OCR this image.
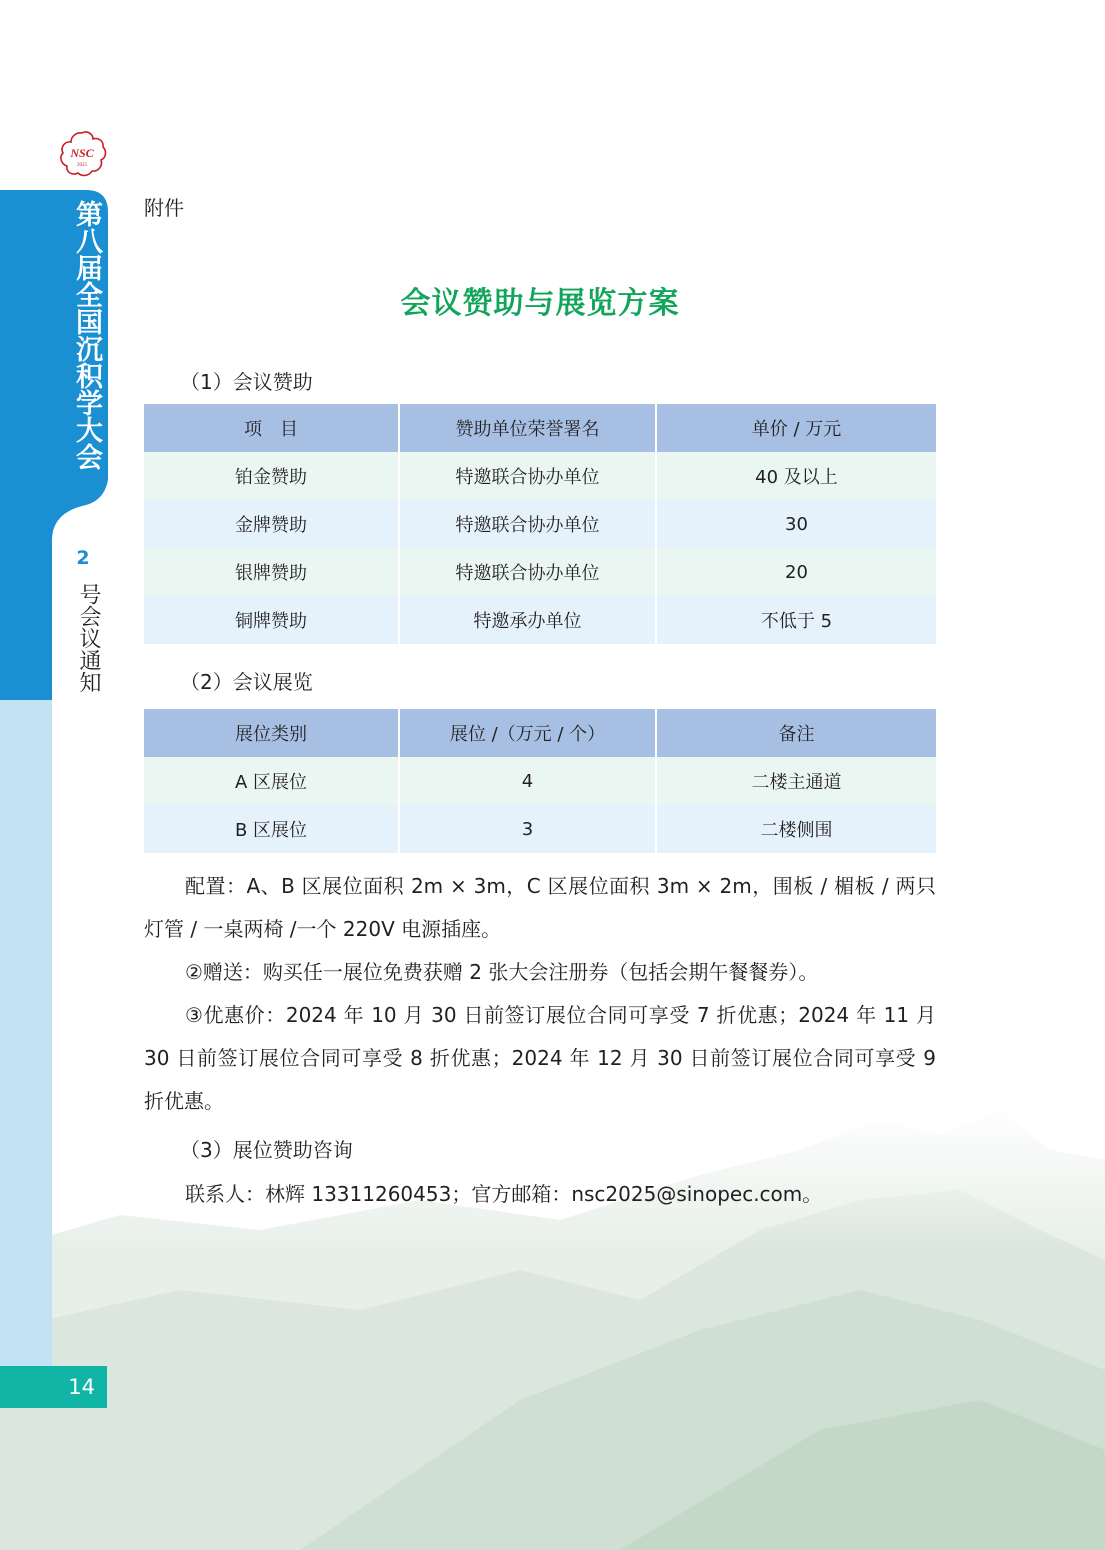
NSC
2025
第八届全国沉积学大会
2
号会议通知
14
附件
会议赞助与展览方案
（1）会议赞助
项　目	赞助单位荣誉署名	单价 / 万元
铂金赞助	特邀联合协办单位	40 及以上
金牌赞助	特邀联合协办单位	30
银牌赞助	特邀联合协办单位	20
铜牌赞助	特邀承办单位	不低于 5
（2）会议展览
展位类别	展位 /（万元 / 个）	备注
A 区展位	4	二楼主通道
B 区展位	3	二楼侧围
配置：A、B 区展位面积 2m × 3m，C 区展位面积 3m × 2m，围板 / 楣板 / 两只灯管 / 一桌两椅 /一个 220V 电源插座。
②赠送：购买任一展位免费获赠 2 张大会注册券（包括会期午餐餐券）。
③优惠价：2024 年 10 月 30 日前签订展位合同可享受 7 折优惠；2024 年 11 月 30 日前签订展位合同可享受 8 折优惠；2024 年 12 月 30 日前签订展位合同可享受 9 折优惠。
（3）展位赞助咨询
联系人：林辉 13311260453；官方邮箱：nsc2025@sinopec.com。
